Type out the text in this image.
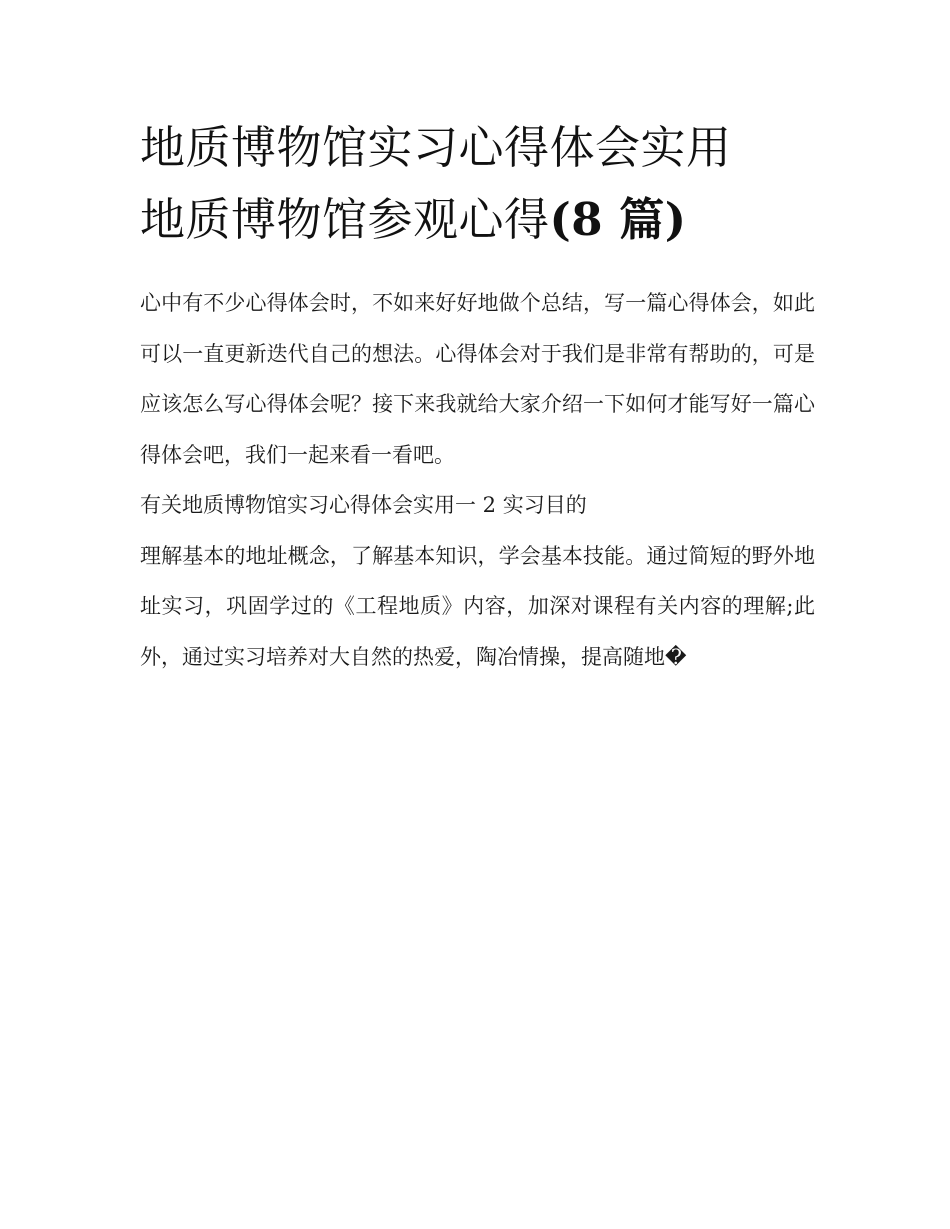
地质博物馆实习心得体会实用
地质博物馆参观心得(8 篇)

心中有不少心得体会时，不如来好好地做个总结，写一篇心得体会，如此可以一直更新迭代自己的想法。心得体会对于我们是非常有帮助的，可是应该怎么写心得体会呢？接下来我就给大家介绍一下如何才能写好一篇心得体会吧，我们一起来看一看吧。

有关地质博物馆实习心得体会实用一 2 实习目的

理解基本的地址概念，了解基本知识，学会基本技能。通过简短的野外地址实习，巩固学过的《工程地质》内容，加深对课程有关内容的理解;此外，通过实习培养对大自然的热爱，陶冶情操，提高随地�
